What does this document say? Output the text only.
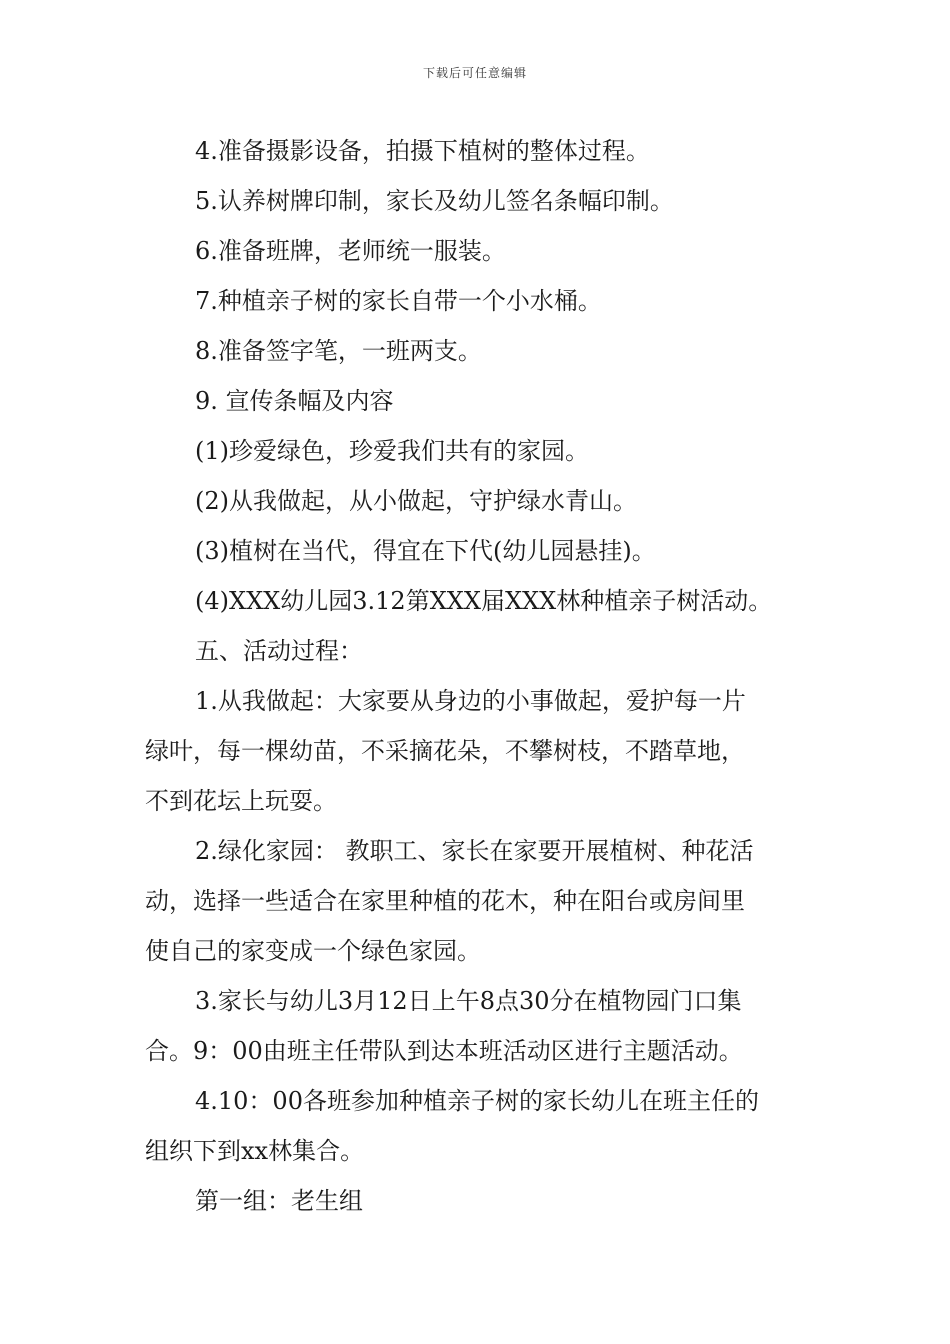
下载后可任意编辑
4.准备摄影设备，拍摄下植树的整体过程。
5.认养树牌印制，家长及幼儿签名条幅印制。
6.准备班牌，老师统一服装。
7.种植亲子树的家长自带一个小水桶。
8.准备签字笔，一班两支。
9. 宣传条幅及内容
(1)珍爱绿色，珍爱我们共有的家园。
(2)从我做起，从小做起，守护绿水青山。
(3)植树在当代，得宜在下代(幼儿园悬挂)。
(4)XXX幼儿园3.12第XXX届XXX林种植亲子树活动。
五、活动过程：
1.从我做起：大家要从身边的小事做起，爱护每一片
绿叶，每一棵幼苗，不采摘花朵，不攀树枝，不踏草地，
不到花坛上玩耍。
2.绿化家园： 教职工、家长在家要开展植树、种花活
动，选择一些适合在家里种植的花木，种在阳台或房间里
使自己的家变成一个绿色家园。
3.家长与幼儿3月12日上午8点30分在植物园门口集
合。9：00由班主任带队到达本班活动区进行主题活动。
4.10：00各班参加种植亲子树的家长幼儿在班主任的
组织下到xx林集合。
第一组：老生组
